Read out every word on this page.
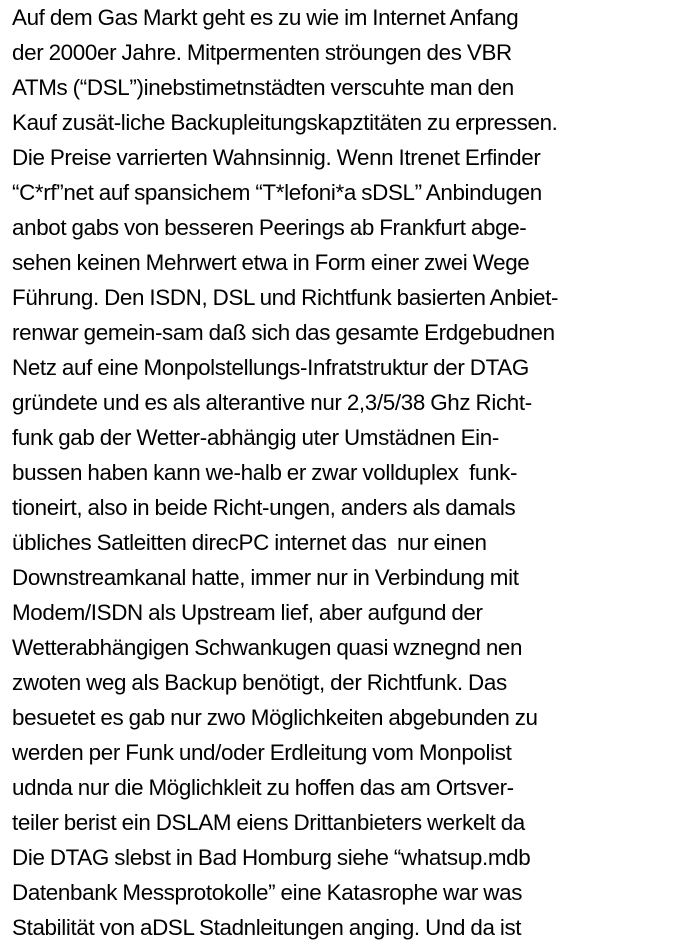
Auf dem Gas Markt geht es zu wie im Internet Anfang
der 2000er Jahre. Mitpermenten ströungen des VBR
ATMs (“DSL”)inebstimetnstädten verscuhte man den
Kauf zusät-liche Backupleitungskapztitäten zu erpressen.
Die Preise varrierten Wahnsinnig. Wenn Itrenet Erfinder
“C*rf”net auf spansichem “T*lefoni*a sDSL” Anbindugen
anbot gabs von besseren Peerings ab Frankfurt abge-
sehen keinen Mehrwert etwa in Form einer zwei Wege
Führung. Den ISDN, DSL und Richtfunk basierten Anbiet-
renwar gemein-sam daß sich das gesamte Erdgebudnen
Netz auf eine Monpolstellungs-Infratstruktur der DTAG
gründete und es als alterantive nur 2,3/5/38 Ghz Richt-
funk gab der Wetter-abhängig uter Umstädnen Ein-
bussen haben kann we-halb er zwar vollduplex  funk-
tioneirt, also in beide Richt-ungen, anders als damals
übliches Satleitten direcPC internet das  nur einen
Downstreamkanal hatte, immer nur in Verbindung mit
Modem/ISDN als Upstream lief, aber aufgund der
Wetterabhängigen Schwankugen quasi wznegnd nen
zwoten weg als Backup benötigt, der Richtfunk. Das
besuetet es gab nur zwo Möglichkeiten abgebunden zu
werden per Funk und/oder Erdleitung vom Monpolist
udnda nur die Möglichkleit zu hoffen das am Ortsver-
teiler berist ein DSLAM eiens Drittanbieters werkelt da
Die DTAG slebst in Bad Homburg siehe “whatsup.mdb
Datenbank Messprotokolle” eine Katasrophe war was
Stabilität von aDSL Stadnleitungen anging. Und da ist
